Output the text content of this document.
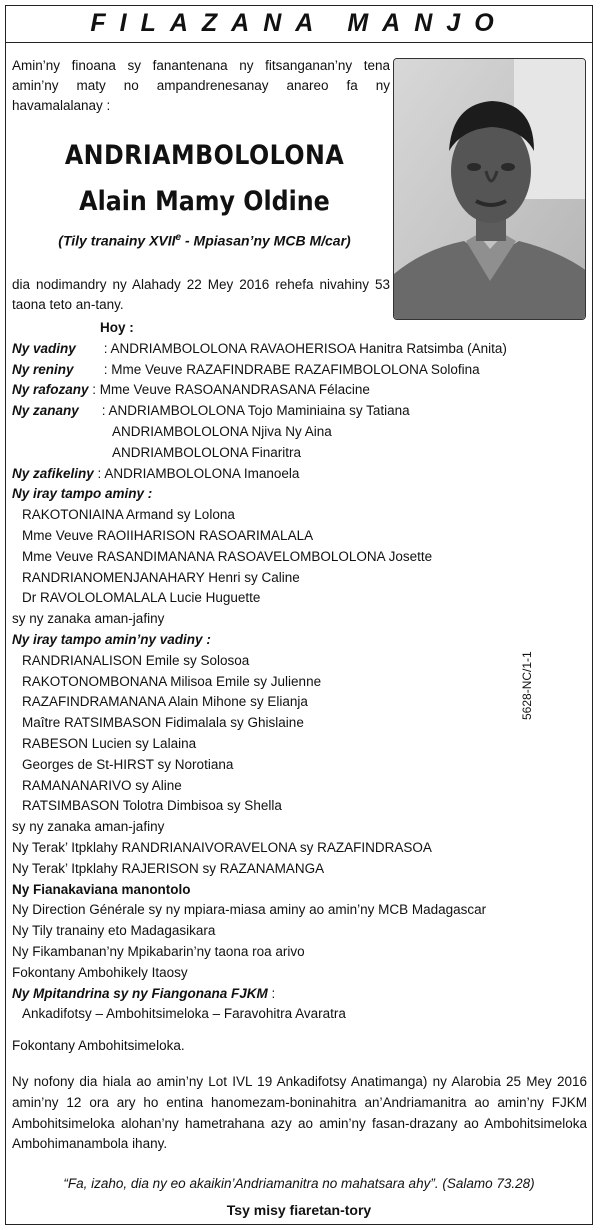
FILAZANA MANJO
Amin’ny finoana sy fanantenana ny fitsanganan’ny tena amin’ny maty no ampandrenesanay anareo fa ny havamalalanay :
ANDRIAMBOLOLONA
Alain Mamy Oldine
(Tily tranainy XVIIe - Mpiasan’ny MCB M/car)
dia nodimandry ny Alahady 22 Mey 2016 rehefa nivahiny 53 taona teto an-tany.
Hoy :
Ny vadiny : ANDRIAMBOLOLONA RAVAOHERISOA Hanitra Ratsimba (Anita)
Ny reniny : Mme Veuve RAZAFINDRABE RAZAFIMBOLOLONA Solofina
Ny rafozany : Mme Veuve RASOANANDRASANA Félacine
Ny zanany : ANDRIAMBOLOLONA Tojo Maminiaina sy Tatiana
ANDRIAMBOLOLONA Njiva Ny Aina
ANDRIAMBOLOLONA Finaritra
Ny zafikeliny : ANDRIAMBOLOLONA Imanoela
Ny iray tampo aminy :
RAKOTONIAINA Armand sy Lolona
Mme Veuve RAOIIHARISON RASOARIMALALA
Mme Veuve RASANDIMANANA RASOAVELOMBOLOLONA Josette
RANDRIANOMENJANAHARY Henri sy Caline
Dr RAVOLOLOMALALA Lucie Huguette
sy ny zanaka aman-jafiny
Ny iray tampo amin’ny vadiny :
RANDRIANALISON Emile sy Solosoa
RAKOTONOMBONANA Milisoa Emile sy Julienne
RAZAFINDRAMANANA Alain Mihone sy Elianja
Maître RATSIMBASON Fidimalala sy Ghislaine
RABESON Lucien sy Lalaina
Georges de St-HIRST sy Norotiana
RAMANANARIVO sy Aline
RATSIMBASON Tolotra Dimbisoa sy Shella
sy ny zanaka aman-jafiny
Ny Terak’ Itpklahy RANDRIANAIVORAVELONA sy RAZAFINDRASOA
Ny Terak’ Itpklahy RAJERISON sy RAZANAMANGA
Ny Fianakaviana manontolo
Ny Direction Générale sy ny mpiara-miasa aminy ao amin’ny MCB Madagascar
Ny Tily tranainy eto Madagasikara
Ny Fikambanan’ny Mpikabarin’ny taona roa arivo
Fokontany Ambohikely Itaosy
Ny Mpitandrina sy ny Fiangonana FJKM :
Ankadifotsy – Ambohitsimeloka – Faravohitra Avaratra
Fokontany Ambohitsimeloka.
Ny nofony dia hiala ao amin’ny Lot IVL 19 Ankadifotsy Anatimanga) ny Alarobia 25 Mey 2016 amin’ny 12 ora ary ho entina hanomezam-boninahitra an’Andriamanitra ao amin’ny FJKM Ambohitsimeloka alohan’ny hametrahana azy ao amin’ny fasan-drazany ao Ambohitsimeloka Ambohimanambola ihany.
“Fa, izaho, dia ny eo akaikin’Andriamanitra no mahatsara ahy”. (Salamo 73.28)
Tsy misy fiaretan-tory
5628-NC/1-1
